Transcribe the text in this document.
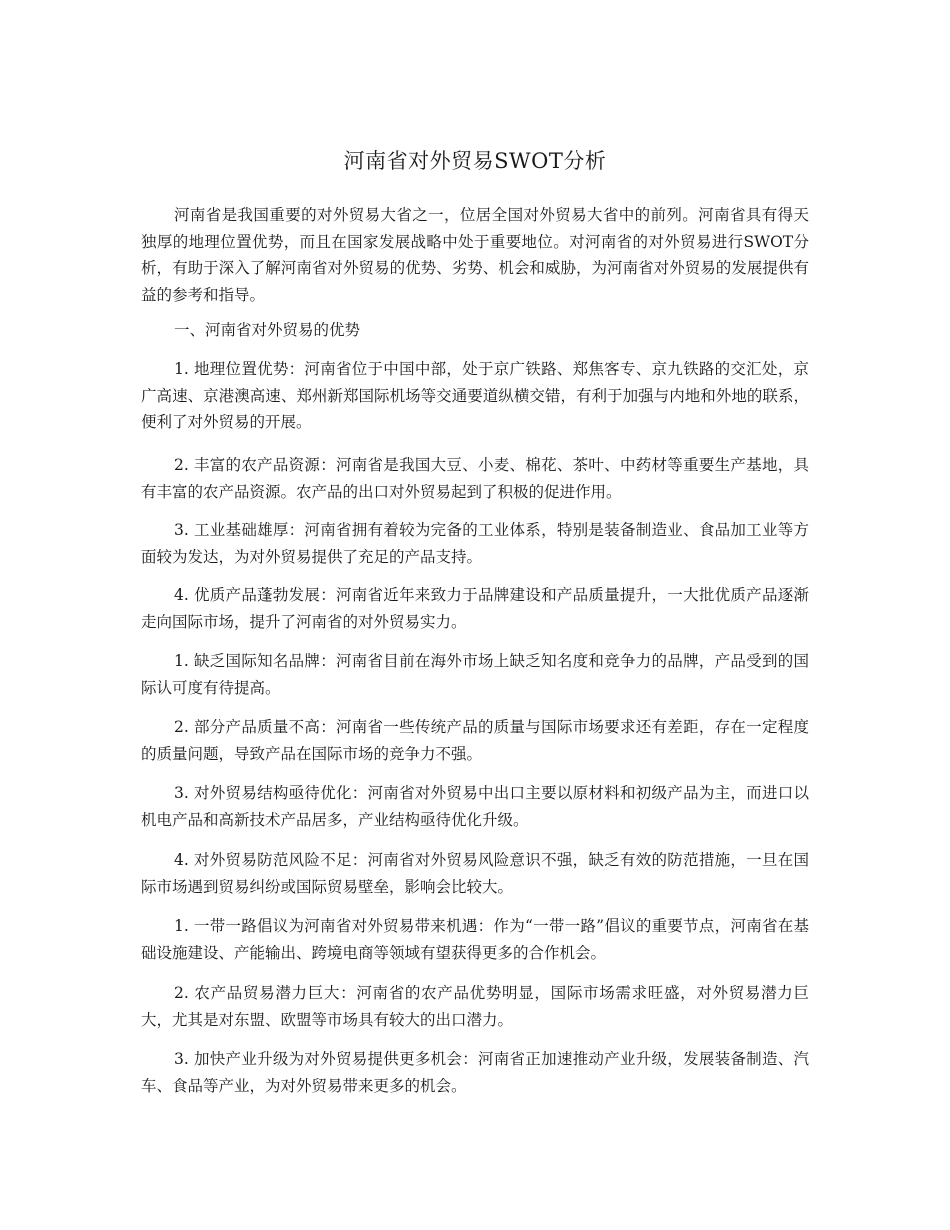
河南省对外贸易SWOT分析

河南省是我国重要的对外贸易大省之一，位居全国对外贸易大省中的前列。河南省具有得天独厚的地理位置优势，而且在国家发展战略中处于重要地位。对河南省的对外贸易进行SWOT分析，有助于深入了解河南省对外贸易的优势、劣势、机会和威胁，为河南省对外贸易的发展提供有益的参考和指导。

一、河南省对外贸易的优势

1. 地理位置优势：河南省位于中国中部，处于京广铁路、郑焦客专、京九铁路的交汇处，京广高速、京港澳高速、郑州新郑国际机场等交通要道纵横交错，有利于加强与内地和外地的联系，便利了对外贸易的开展。

2. 丰富的农产品资源：河南省是我国大豆、小麦、棉花、茶叶、中药材等重要生产基地，具有丰富的农产品资源。农产品的出口对外贸易起到了积极的促进作用。

3. 工业基础雄厚：河南省拥有着较为完备的工业体系，特别是装备制造业、食品加工业等方面较为发达，为对外贸易提供了充足的产品支持。

4. 优质产品蓬勃发展：河南省近年来致力于品牌建设和产品质量提升，一大批优质产品逐渐走向国际市场，提升了河南省的对外贸易实力。

1. 缺乏国际知名品牌：河南省目前在海外市场上缺乏知名度和竞争力的品牌，产品受到的国际认可度有待提高。

2. 部分产品质量不高：河南省一些传统产品的质量与国际市场要求还有差距，存在一定程度的质量问题，导致产品在国际市场的竞争力不强。

3. 对外贸易结构亟待优化：河南省对外贸易中出口主要以原材料和初级产品为主，而进口以机电产品和高新技术产品居多，产业结构亟待优化升级。

4. 对外贸易防范风险不足：河南省对外贸易风险意识不强，缺乏有效的防范措施，一旦在国际市场遇到贸易纠纷或国际贸易壁垒，影响会比较大。

1. 一带一路倡议为河南省对外贸易带来机遇：作为“一带一路”倡议的重要节点，河南省在基础设施建设、产能输出、跨境电商等领域有望获得更多的合作机会。

2. 农产品贸易潜力巨大：河南省的农产品优势明显，国际市场需求旺盛，对外贸易潜力巨大，尤其是对东盟、欧盟等市场具有较大的出口潜力。

3. 加快产业升级为对外贸易提供更多机会：河南省正加速推动产业升级，发展装备制造、汽车、食品等产业，为对外贸易带来更多的机会。
